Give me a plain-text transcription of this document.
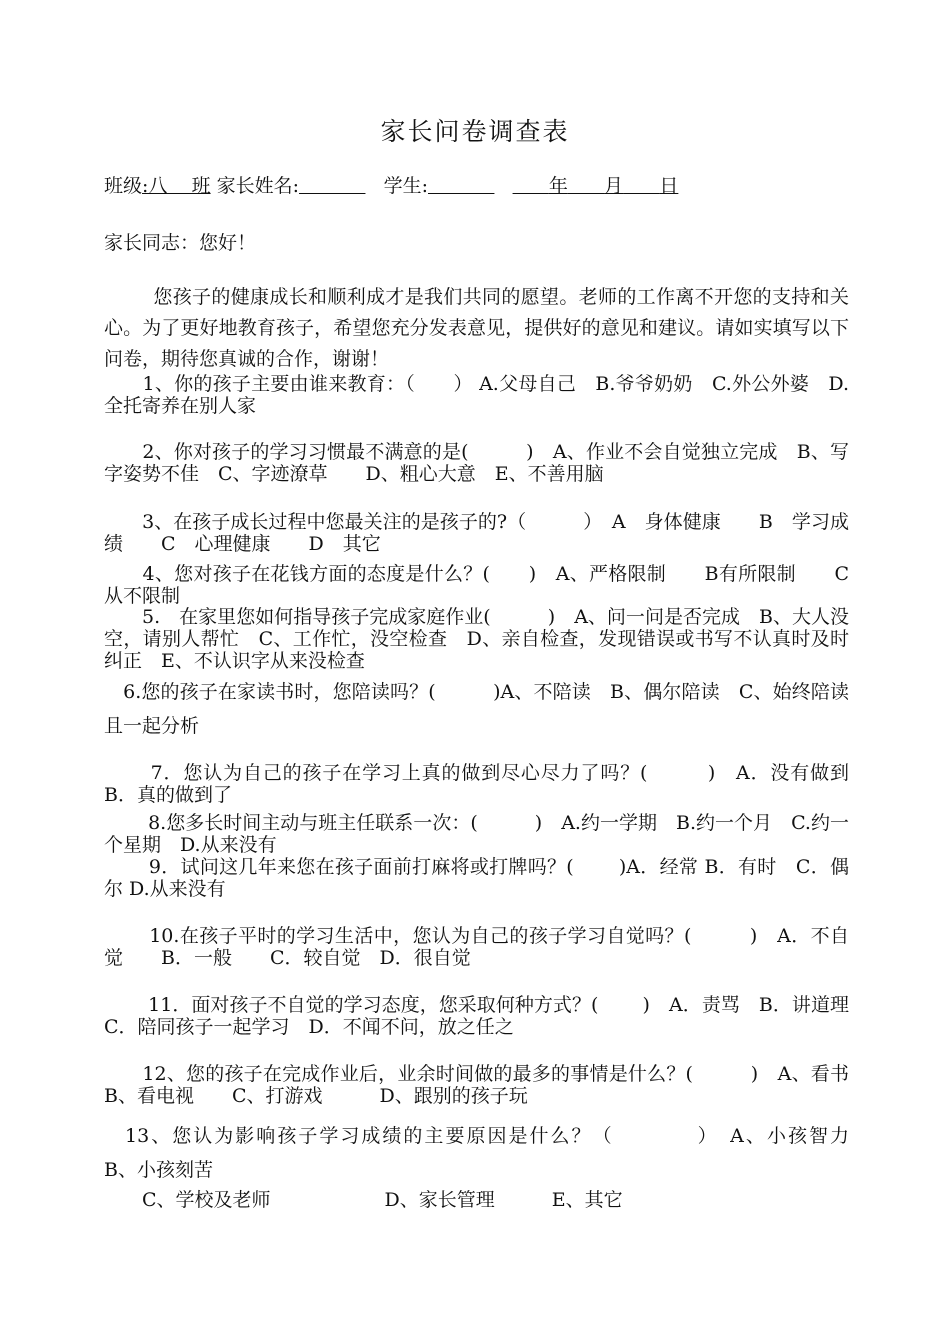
家长问卷调查表
班级:八    班 家长姓名:	学生:	年 月 日
家长同志：您好！
您孩子的健康成长和顺利成才是我们共同的愿望。老师的工作离不开您的支持和关心。为了更好地教育孩子，希望您充分发表意见，提供好的意见和建议。请如实填写以下问卷，期待您真诚的合作，谢谢！
　　1、你的孩子主要由谁来教育：（　　） A.父母自己　B.爷爷奶奶　C.外公外婆　D.全托寄养在别人家
　　2、你对孩子的学习习惯最不满意的是(　　　)　A、作业不会自觉独立完成　B、写字姿势不佳　C、字迹潦草　　D、粗心大意　E、不善用脑
　　3、在孩子成长过程中您最关注的是孩子的?（　　　）　A　身体健康　　B　学习成绩　　C　心理健康　　D　其它
　　4、您对孩子在花钱方面的态度是什么？(　　)　A、严格限制　　B有所限制　　C从不限制
　　5.　在家里您如何指导孩子完成家庭作业(　　　)　A、问一问是否完成　B、大人没空，请别人帮忙　C、工作忙，没空检查　D、亲自检查，发现错误或书写不认真时及时纠正　E、不认识字从来没检查
　6.您的孩子在家读书时，您陪读吗？(　　　)A、不陪读　B、偶尔陪读　C、始终陪读且一起分析
　　 7．您认为自己的孩子在学习上真的做到尽心尽力了吗？(　　　)　A．没有做到　B．真的做到了
　　 8.您多长时间主动与班主任联系一次：(　　　)　A.约一学期　B.约一个月　C.约一个星期　D.从来没有
　　 9．试问这几年来您在孩子面前打麻将或打牌吗？(　　 )A．经常 B．有时　C．偶尔 D.从来没有
　　 10.在孩子平时的学习生活中，您认为自己的孩子学习自觉吗？(　　　)　A．不自觉　　B．一般　　C．较自觉　D．很自觉
　　 11．面对孩子不自觉的学习态度，您采取何种方式？(　　 )　A．责骂　B．讲道理　　C．陪同孩子一起学习　D．不闻不问，放之任之
　　12、您的孩子在完成作业后，业余时间做的最多的事情是什么？(　　　)　A、看书　　B、看电视　　C、打游戏　　　D、跟别的孩子玩
　13、您认为影响孩子学习成绩的主要原因是什么？（　　　　）　A、小孩智力　　　B、小孩刻苦
　　C、学校及老师　　　　　　D、家长管理　　　E、其它
